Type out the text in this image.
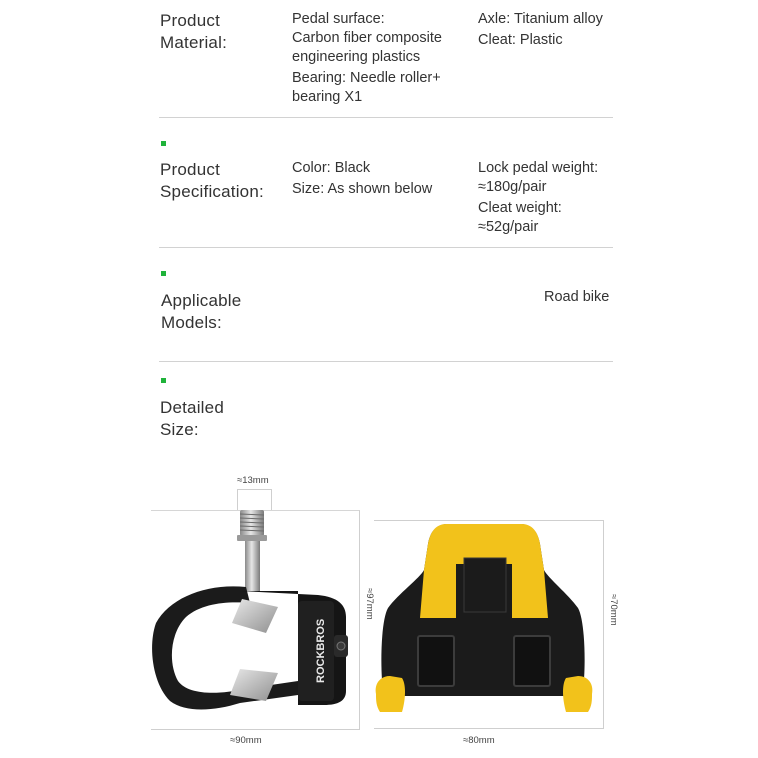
Product
Material:
Pedal surface:
Carbon fiber composite
engineering plastics
Bearing: Needle roller+
bearing X1
Axle: Titanium alloy
Cleat: Plastic
Product
Specification:
Color: Black
Size: As shown below
Lock pedal weight:
≈180g/pair
Cleat weight:
≈52g/pair
Applicable
Models:
Road bike
Detailed
Size:
≈13mm
≈97mm
≈90mm
≈70mm
≈80mm
ROCKBROS
